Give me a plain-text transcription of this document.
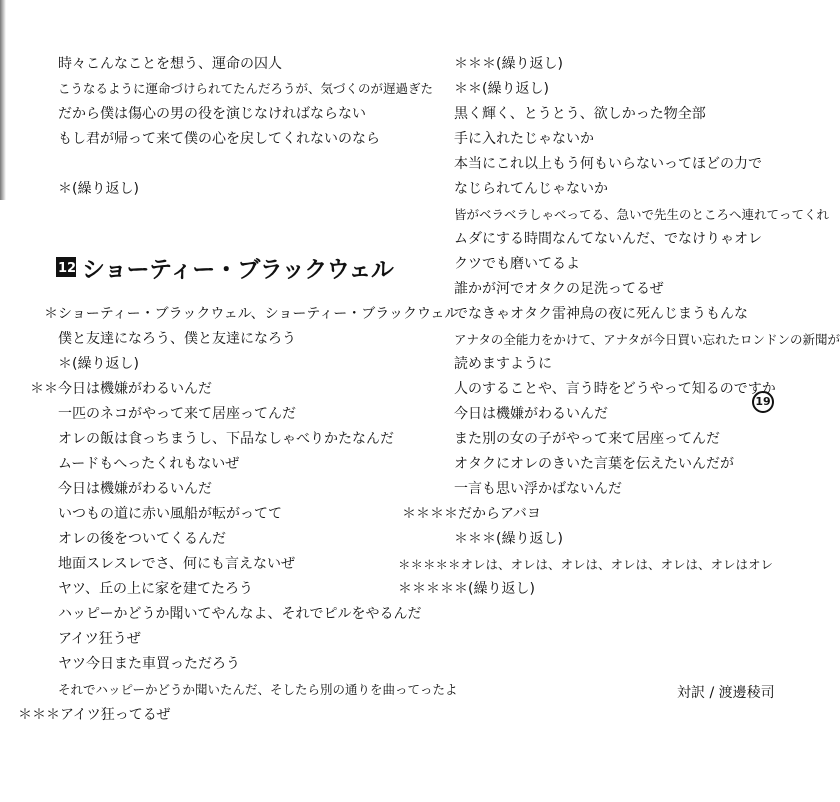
時々こんなことを想う、運命の囚人
こうなるように運命づけられてたんだろうが、気づくのが遅過ぎた
だから僕は傷心の男の役を演じなければならない
もし君が帰って来て僕の心を戻してくれないのなら
＊(繰り返し)
12 ショーティー・ブラックウェル
＊ショーティー・ブラックウェル、ショーティー・ブラックウェル
僕と友達になろう、僕と友達になろう
＊(繰り返し)
＊＊今日は機嫌がわるいんだ
一匹のネコがやって来て居座ってんだ
オレの飯は食っちまうし、下品なしゃべりかたなんだ
ムードもへったくれもないぜ
今日は機嫌がわるいんだ
いつもの道に赤い風船が転がってて
オレの後をついてくるんだ
地面スレスレでさ、何にも言えないぜ
ヤツ、丘の上に家を建てたろう
ハッピーかどうか聞いてやんなよ、それでピルをやるんだ
アイツ狂うぜ
ヤツ今日また車買っただろう
それでハッピーかどうか聞いたんだ、そしたら別の通りを曲ってったよ
＊＊＊アイツ狂ってるぜ
＊＊＊(繰り返し)
＊＊(繰り返し)
黒く輝く、とうとう、欲しかった物全部
手に入れたじゃないか
本当にこれ以上もう何もいらないってほどの力で
なじられてんじゃないか
皆がベラベラしゃべってる、急いで先生のところへ連れてってくれ
ムダにする時間なんてないんだ、でなけりゃオレ
クツでも磨いてるよ
誰かが河でオタクの足洗ってるぜ
でなきゃオタク雷神鳥の夜に死んじまうもんな
アナタの全能力をかけて、アナタが今日買い忘れたロンドンの新聞が
読めますように
人のすることや、言う時をどうやって知るのですか
今日は機嫌がわるいんだ
また別の女の子がやって来て居座ってんだ
オタクにオレのきいた言葉を伝えたいんだが
一言も思い浮かばないんだ
＊＊＊＊だからアバヨ
＊＊＊(繰り返し)
＊＊＊＊＊オレは、オレは、オレは、オレは、オレは、オレはオレ
＊＊＊＊＊(繰り返し)
19
対訳 / 渡邊稜司
